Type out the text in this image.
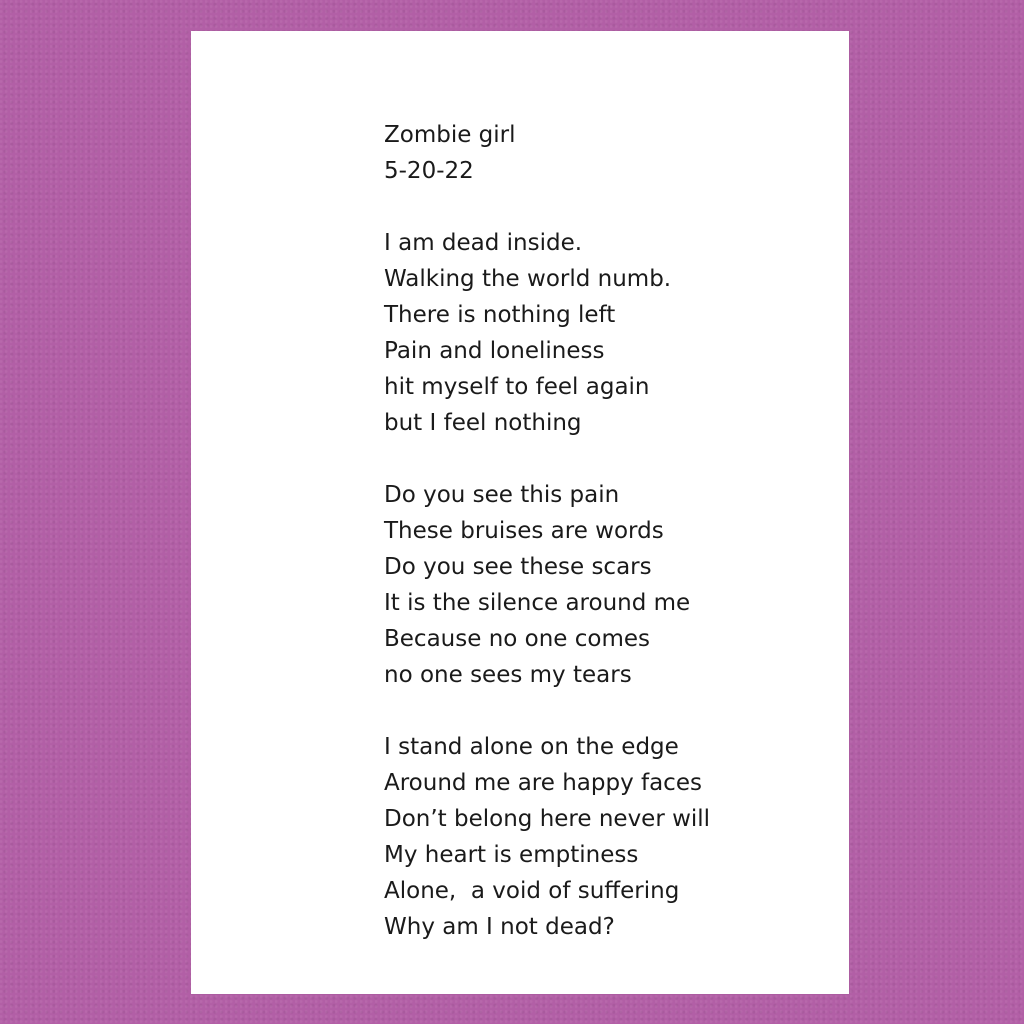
Zombie girl
5-20-22
I am dead inside.
Walking the world numb.
There is nothing left
Pain and loneliness
hit myself to feel again
but I feel nothing
Do you see this pain
These bruises are words
Do you see these scars
It is the silence around me
Because no one comes
no one sees my tears
I stand alone on the edge
Around me are happy faces
Don’t belong here never will
My heart is emptiness
Alone,  a void of suffering
Why am I not dead?
